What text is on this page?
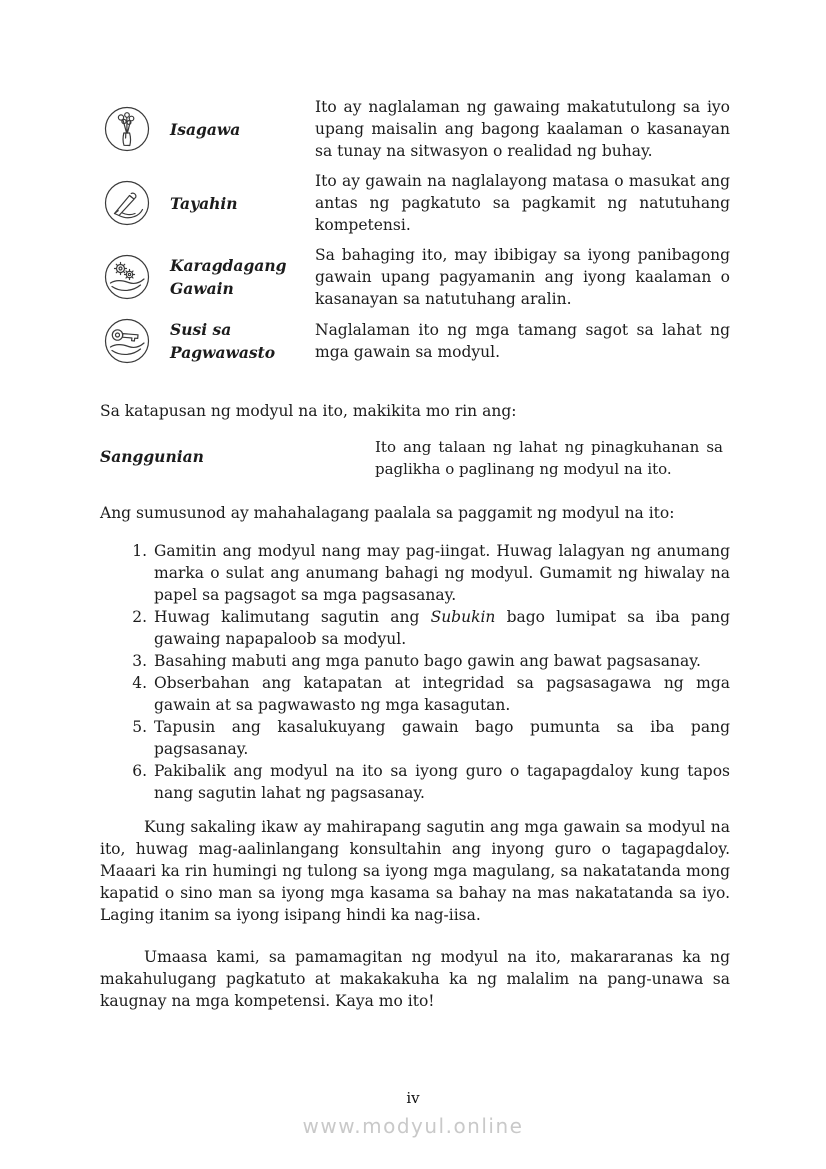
Isagawa
Ito ay naglalaman ng gawaing makatutulong sa iyo upang maisalin ang bagong kaalaman o kasanayan sa tunay na sitwasyon o realidad ng buhay.
Tayahin
Ito ay gawain na naglalayong matasa o masukat ang antas ng pagkatuto sa pagkamit ng natutuhang kompetensi.
Karagdagang Gawain
Sa bahaging ito, may ibibigay sa iyong panibagong gawain upang pagyamanin ang iyong kaalaman o kasanayan sa natutuhang aralin.
Susi sa Pagwawasto
Naglalaman ito ng mga tamang sagot sa lahat ng mga gawain sa modyul.

Sa katapusan ng modyul na ito, makikita mo rin ang:

Sanggunian	Ito ang talaan ng lahat ng pinagkuhanan sa paglikha o paglinang ng modyul na ito.

Ang sumusunod ay mahahalagang paalala sa paggamit ng modyul na ito:

1. Gamitin ang modyul nang may pag-iingat. Huwag lalagyan ng anumang marka o sulat ang anumang bahagi ng modyul. Gumamit ng hiwalay na papel sa pagsagot sa mga pagsasanay.
2. Huwag kalimutang sagutin ang Subukin bago lumipat sa iba pang gawaing napapaloob sa modyul.
3. Basahing mabuti ang mga panuto bago gawin ang bawat pagsasanay.
4. Obserbahan ang katapatan at integridad sa pagsasagawa ng mga gawain at sa pagwawasto ng mga kasagutan.
5. Tapusin ang kasalukuyang gawain bago pumunta sa iba pang pagsasanay.
6. Pakibalik ang modyul na ito sa iyong guro o tagapagdaloy kung tapos nang sagutin lahat ng pagsasanay.

Kung sakaling ikaw ay mahirapang sagutin ang mga gawain sa modyul na ito, huwag mag-aalinlangang konsultahin ang inyong guro o tagapagdaloy. Maaari ka rin humingi ng tulong sa iyong mga magulang, sa nakatatanda mong kapatid o sino man sa iyong mga kasama sa bahay na mas nakatatanda sa iyo. Laging itanim sa iyong isipang hindi ka nag-iisa.

Umaasa kami, sa pamamagitan ng modyul na ito, makararanas ka ng makahulugang pagkatuto at makakakuha ka ng malalim na pang-unawa sa kaugnay na mga kompetensi. Kaya mo ito!

iv
www.modyul.online
